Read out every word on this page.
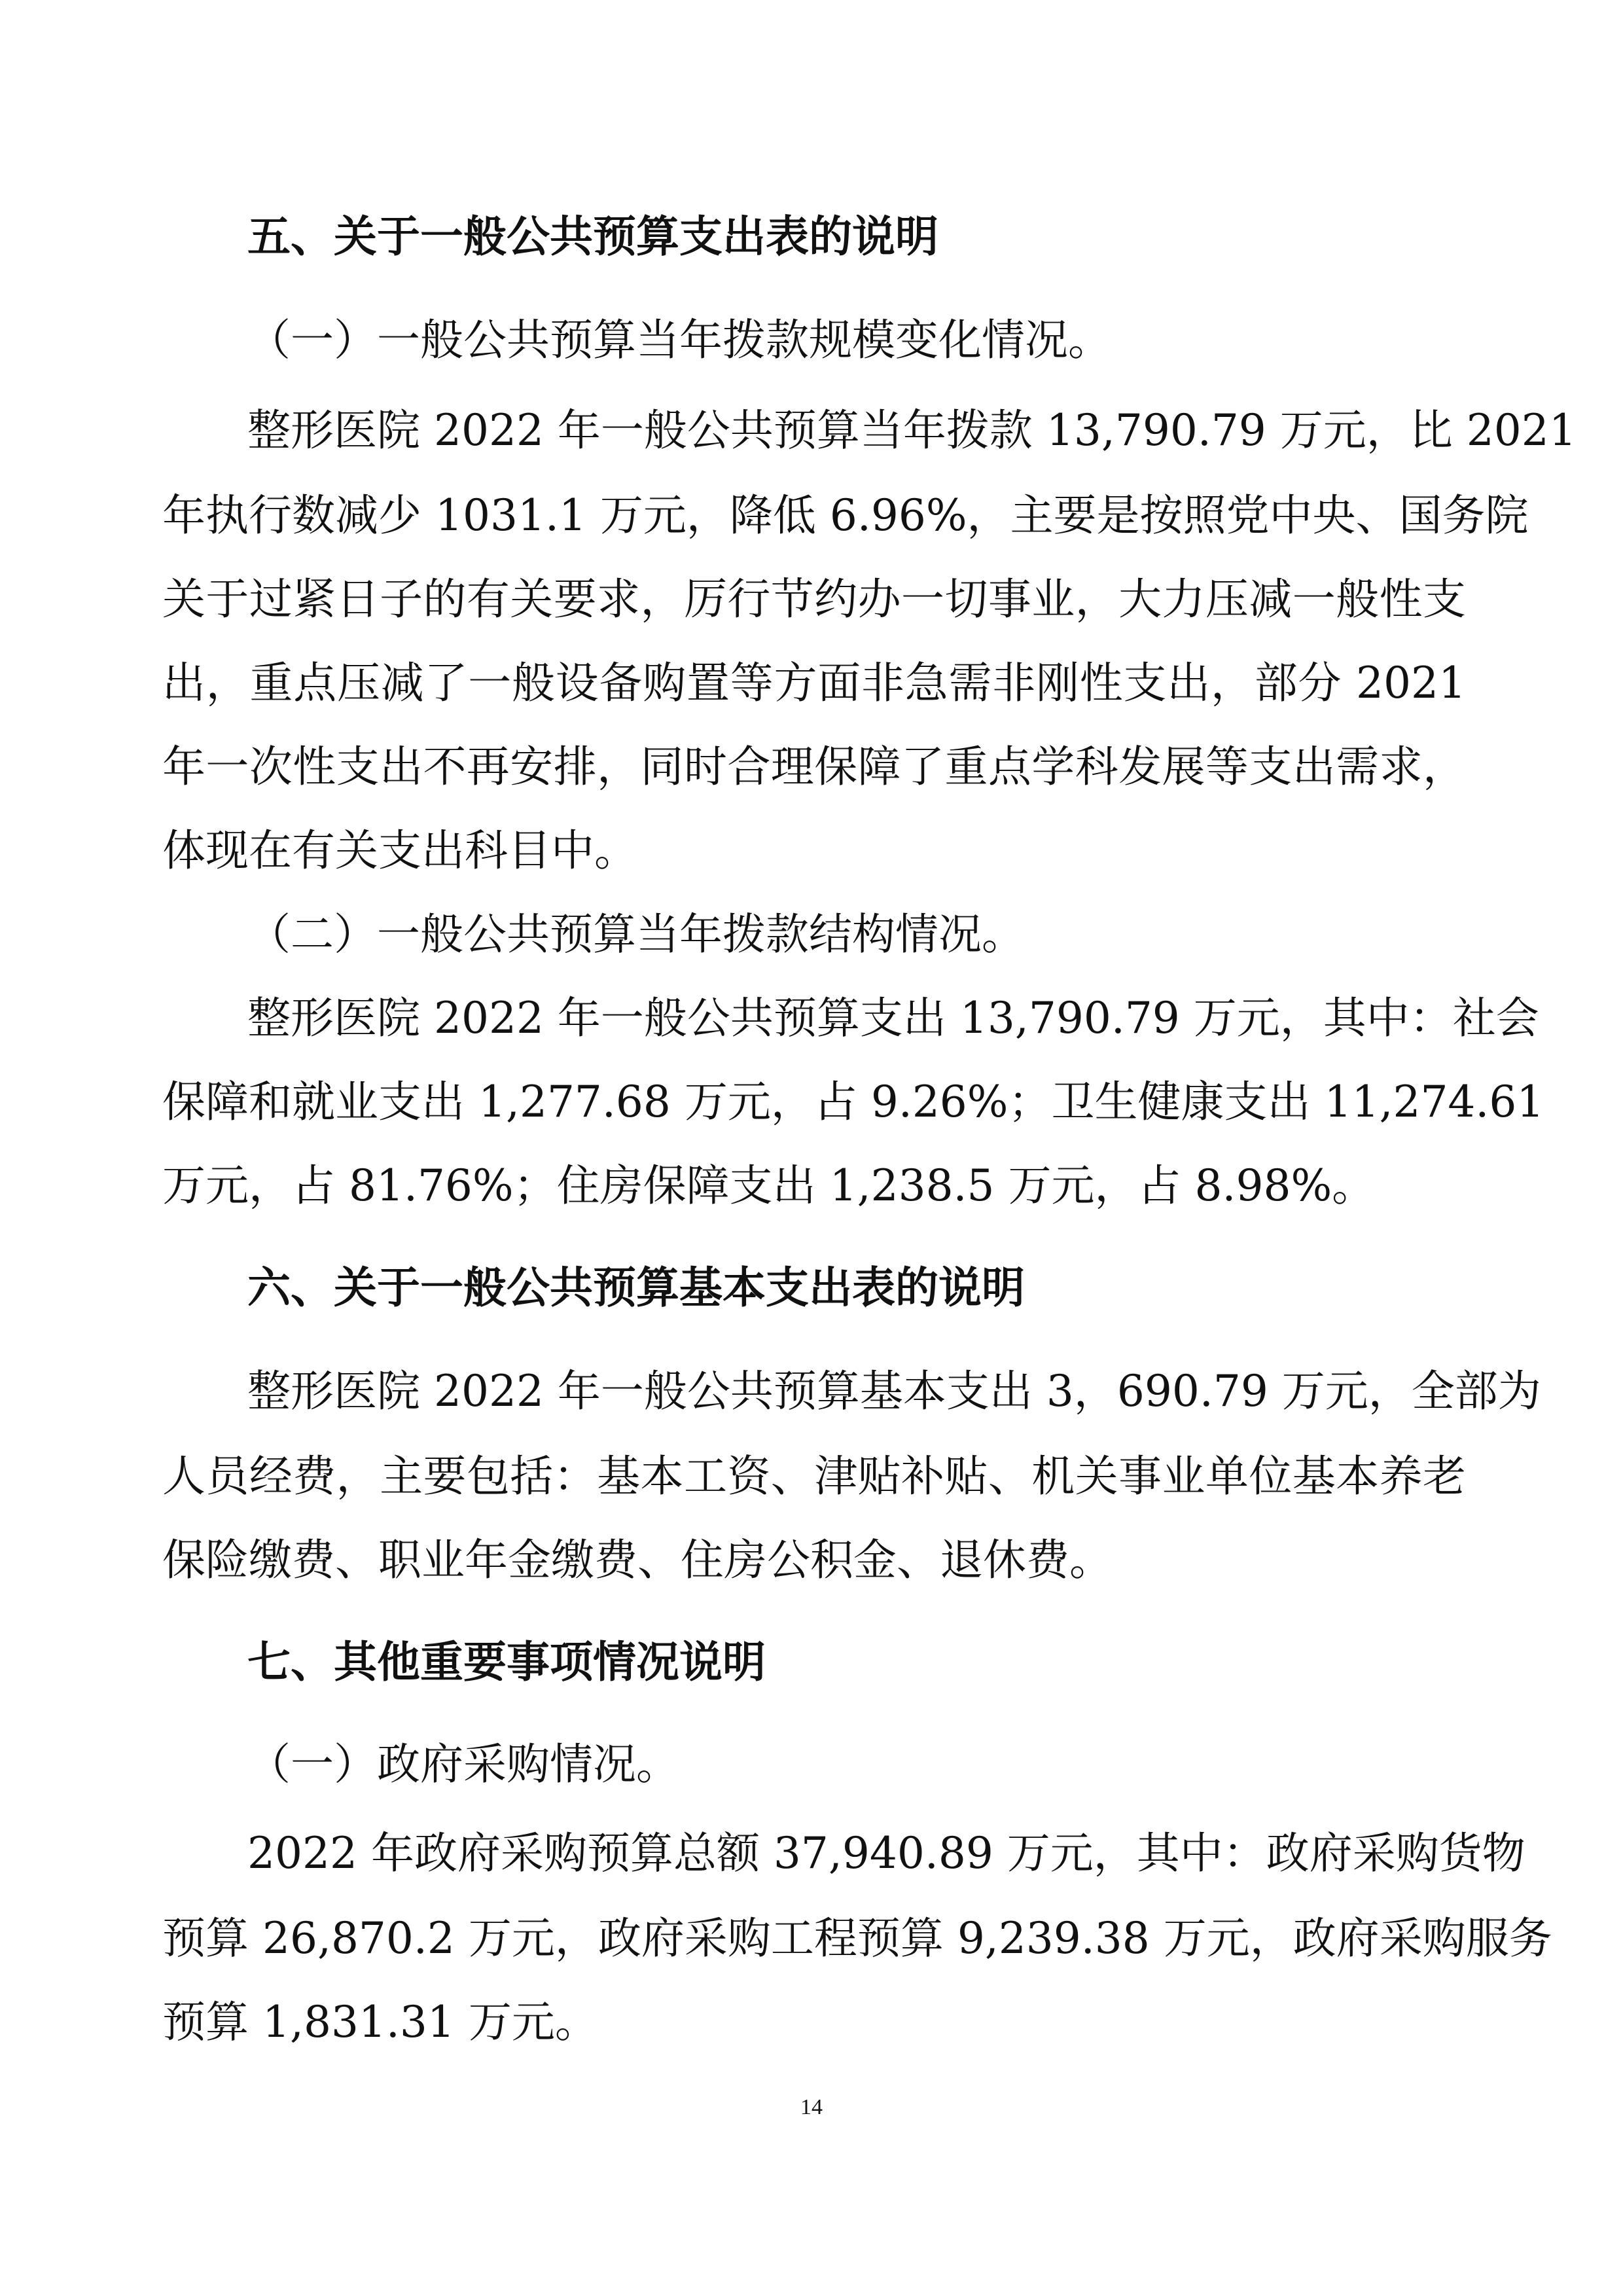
五、关于一般公共预算支出表的说明
（一）一般公共预算当年拨款规模变化情况。
整形医院 2022 年一般公共预算当年拨款 13,790.79 万元，比 2021
年执行数减少 1031.1 万元，降低 6.96%，主要是按照党中央、国务院
关于过紧日子的有关要求，厉行节约办一切事业，大力压减一般性支
出，重点压减了一般设备购置等方面非急需非刚性支出，部分 2021
年一次性支出不再安排，同时合理保障了重点学科发展等支出需求，
体现在有关支出科目中。
（二）一般公共预算当年拨款结构情况。
整形医院 2022 年一般公共预算支出 13,790.79 万元，其中：社会
保障和就业支出 1,277.68 万元，占 9.26%；卫生健康支出 11,274.61
万元，占 81.76%；住房保障支出 1,238.5 万元，占 8.98%。
六、关于一般公共预算基本支出表的说明
整形医院 2022 年一般公共预算基本支出 3，690.79 万元，全部为
人员经费，主要包括：基本工资、津贴补贴、机关事业单位基本养老
保险缴费、职业年金缴费、住房公积金、退休费。
七、其他重要事项情况说明
（一）政府采购情况。
2022 年政府采购预算总额 37,940.89 万元，其中：政府采购货物
预算 26,870.2 万元，政府采购工程预算 9,239.38 万元，政府采购服务
预算 1,831.31 万元。
14
